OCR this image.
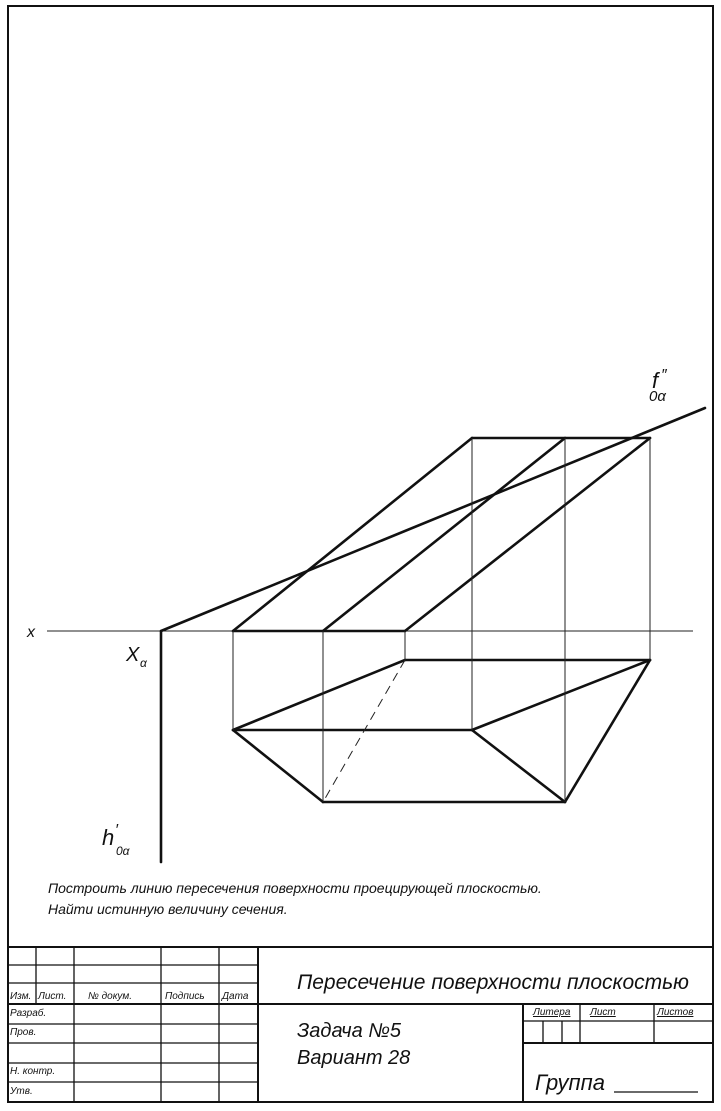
x
X α
f ″ 0α
h ′ 0α
Построить линию пересечения поверхности проецирующей плоскостью.
Найти истинную величину сечения.
Изм. Лист. № докум.	Подпись Дата
Разраб.
Пров.
Н. контр.
Утв.
Пересечение поверхности плоскостью
Задача №5
Вариант 28
Литера Лист	Листов
Группа
